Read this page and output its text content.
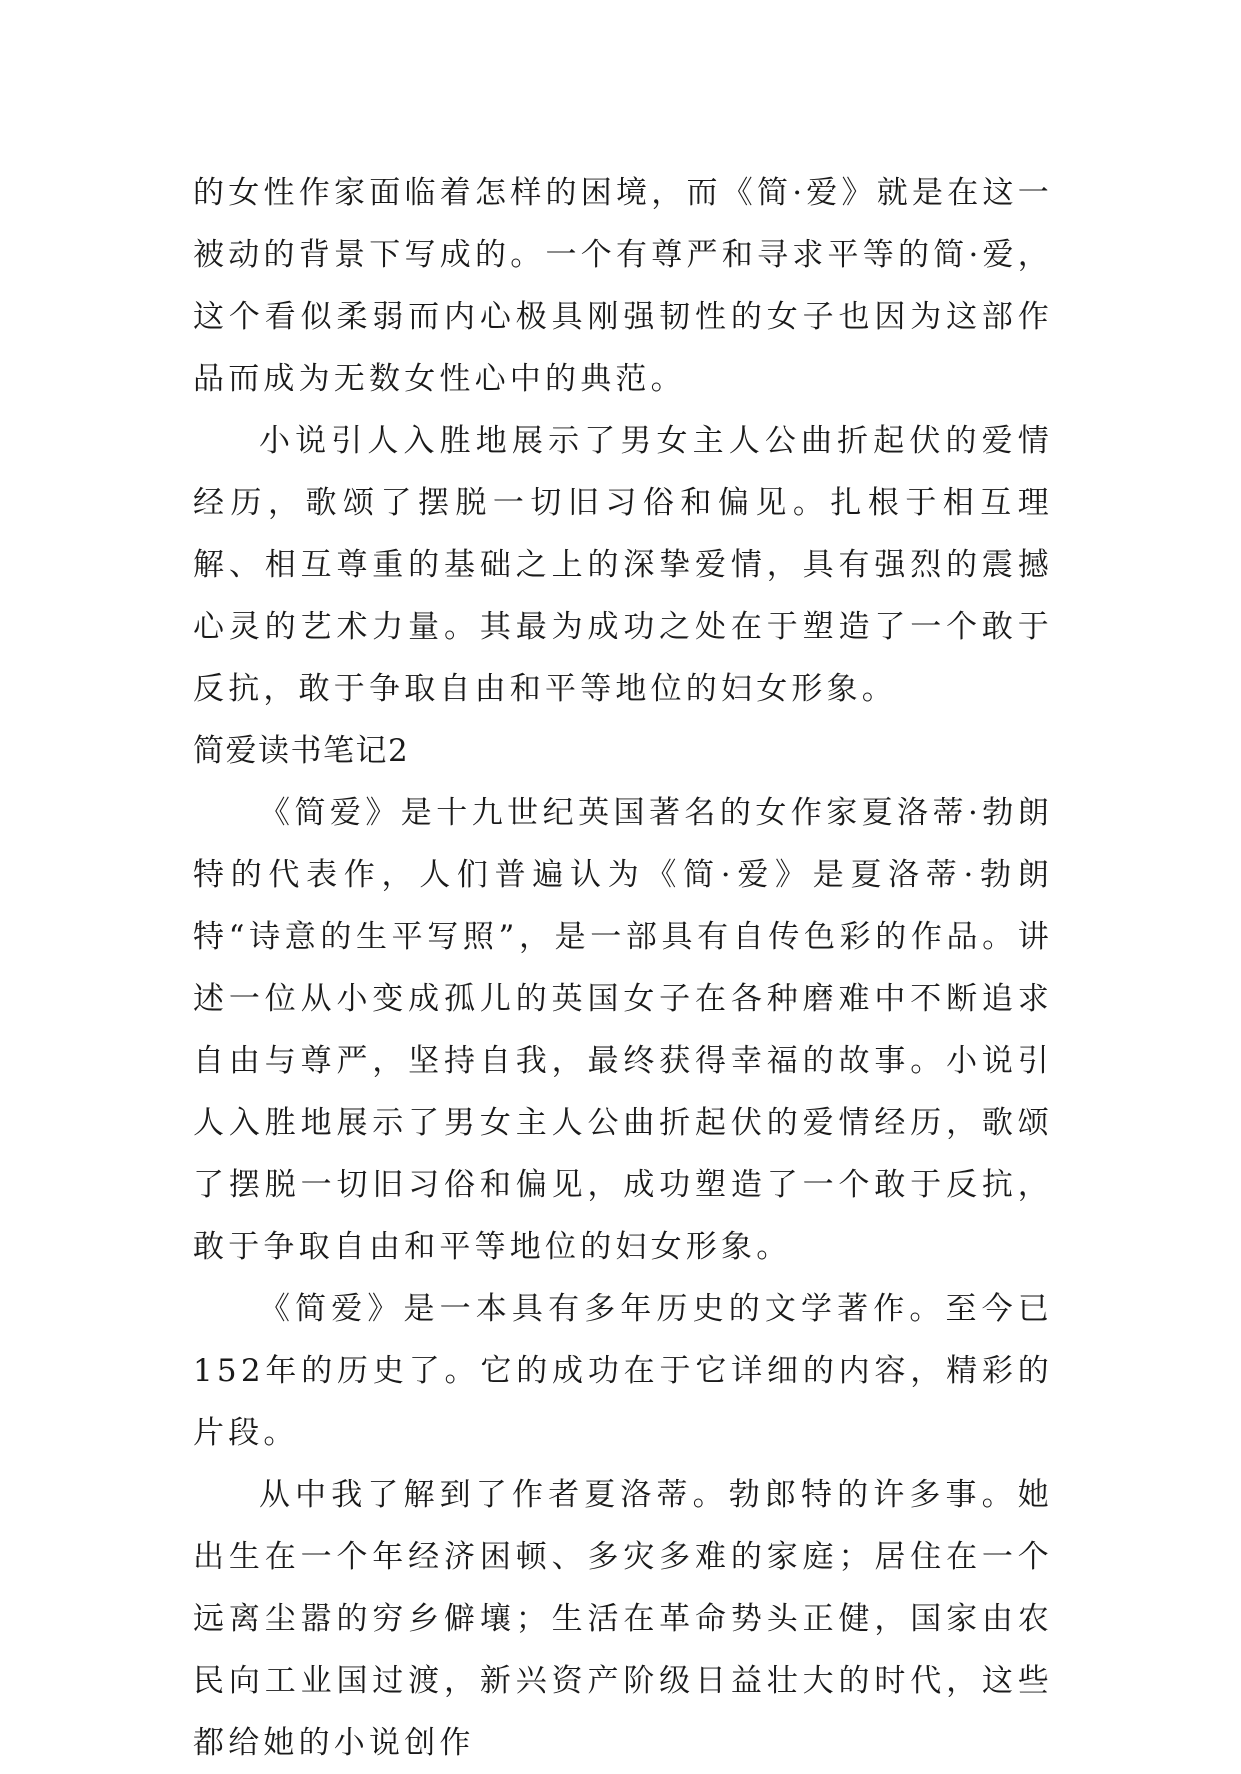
的女性作家面临着怎样的困境，而《简·爱》就是在这一被动的背景下写成的。一个有尊严和寻求平等的简·爱，这个看似柔弱而内心极具刚强韧性的女子也因为这部作品而成为无数女性心中的典范。

小说引人入胜地展示了男女主人公曲折起伏的爱情经历，歌颂了摆脱一切旧习俗和偏见。扎根于相互理解、相互尊重的基础之上的深挚爱情，具有强烈的震撼心灵的艺术力量。其最为成功之处在于塑造了一个敢于反抗，敢于争取自由和平等地位的妇女形象。

简爱读书笔记2

《简爱》是十九世纪英国著名的女作家夏洛蒂·勃朗特的代表作，人们普遍认为《简·爱》是夏洛蒂·勃朗特“诗意的生平写照”，是一部具有自传色彩的作品。讲述一位从小变成孤儿的英国女子在各种磨难中不断追求自由与尊严，坚持自我，最终获得幸福的故事。小说引人入胜地展示了男女主人公曲折起伏的爱情经历，歌颂了摆脱一切旧习俗和偏见，成功塑造了一个敢于反抗，敢于争取自由和平等地位的妇女形象。

《简爱》是一本具有多年历史的文学著作。至今已152年的历史了。它的成功在于它详细的内容，精彩的片段。

从中我了解到了作者夏洛蒂。勃郎特的许多事。她出生在一个年经济困顿、多灾多难的家庭；居住在一个远离尘嚣的穷乡僻壤；生活在革命势头正健，国家由农民向工业国过渡，新兴资产阶级日益壮大的时代，这些都给她的小说创作
